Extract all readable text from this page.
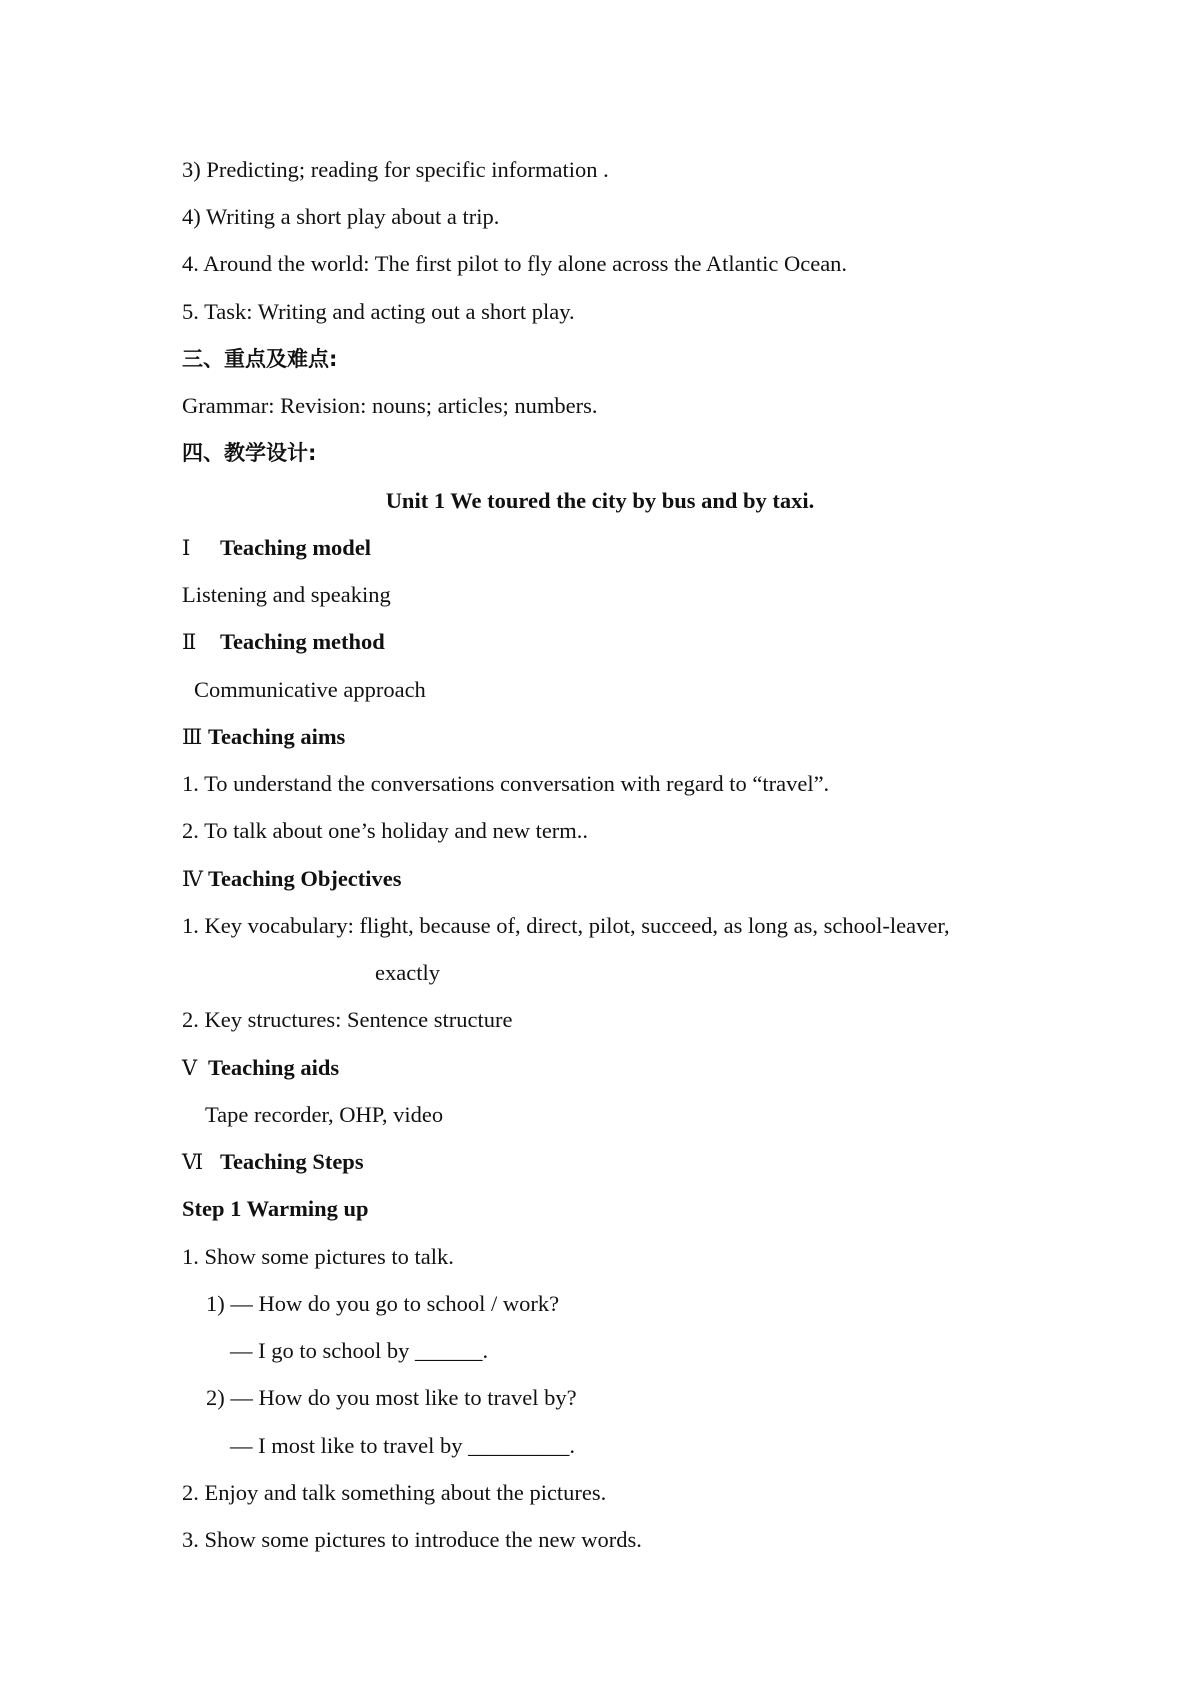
3) Predicting; reading for specific information .
4) Writing a short play about a trip.
4. Around the world: The first pilot to fly alone across the Atlantic Ocean.
5. Task: Writing and acting out a short play.
三、重点及难点:
Grammar: Revision: nouns; articles; numbers.
四、教学设计:
Unit 1 We toured the city by bus and by taxi.
Ⅰ Teaching model
Listening and speaking
Ⅱ Teaching method
Communicative approach
Ⅲ Teaching aims
1. To understand the conversations conversation with regard to “travel”.
2. To talk about one’s holiday and new term..
Ⅳ Teaching Objectives
1. Key vocabulary: flight, because of, direct, pilot, succeed, as long as, school-leaver,
exactly
2. Key structures: Sentence structure
Ⅴ Teaching aids
Tape recorder, OHP, video
Ⅵ Teaching Steps
Step 1 Warming up
1. Show some pictures to talk.
1) — How do you go to school / work?
— I go to school by ______.
2) — How do you most like to travel by?
— I most like to travel by _________.
2. Enjoy and talk something about the pictures.
3. Show some pictures to introduce the new words.
